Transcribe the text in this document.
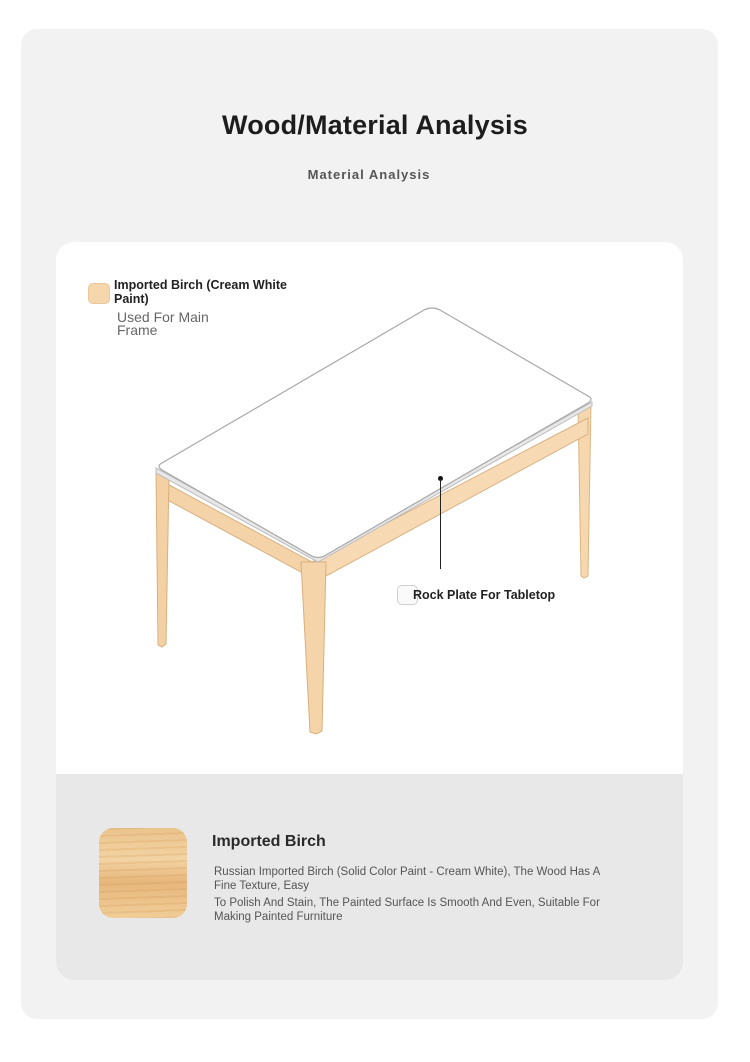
Wood/Material Analysis
Material Analysis
Imported Birch (Cream White Paint)
Used For Main Frame
Rock Plate For Tabletop
Imported Birch
Russian Imported Birch (Solid Color Paint - Cream White), The Wood Has A Fine Texture, Easy
To Polish And Stain, The Painted Surface Is Smooth And Even, Suitable For Making Painted Furniture
